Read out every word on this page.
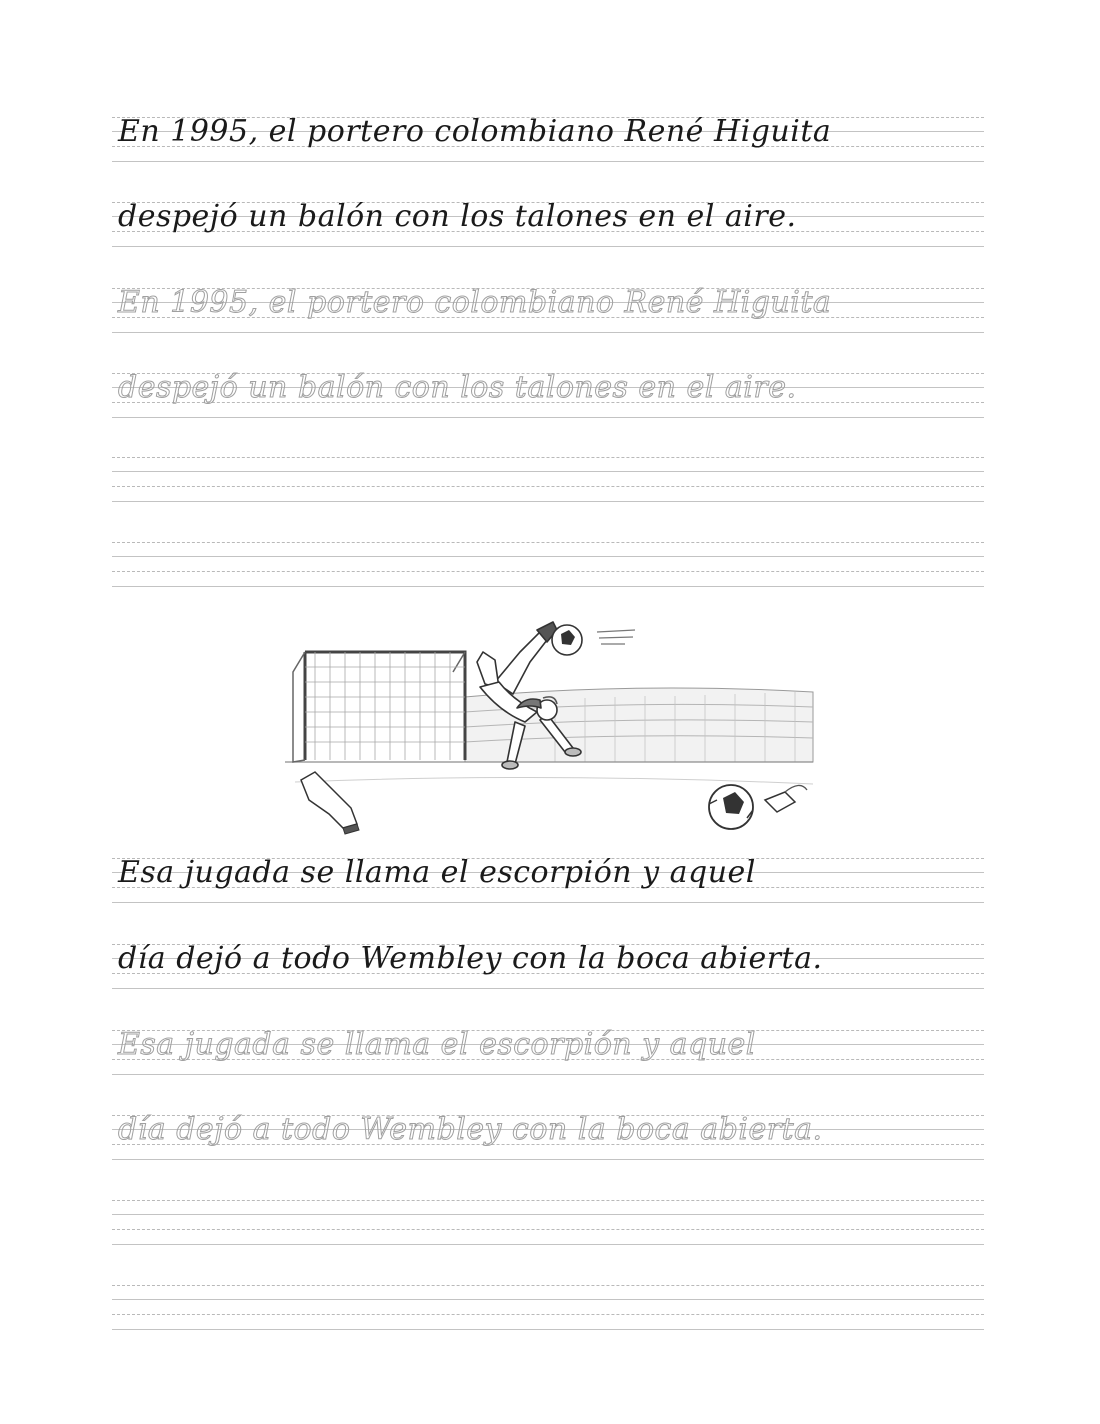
En 1995, el portero colombiano René Higuita
despejó un balón con los talones en el aire.
En 1995, el portero colombiano René Higuita
despejó un balón con los talones en el aire.
Esa jugada se llama el escorpión y aquel
día dejó a todo Wembley con la boca abierta.
Esa jugada se llama el escorpión y aquel
día dejó a todo Wembley con la boca abierta.
